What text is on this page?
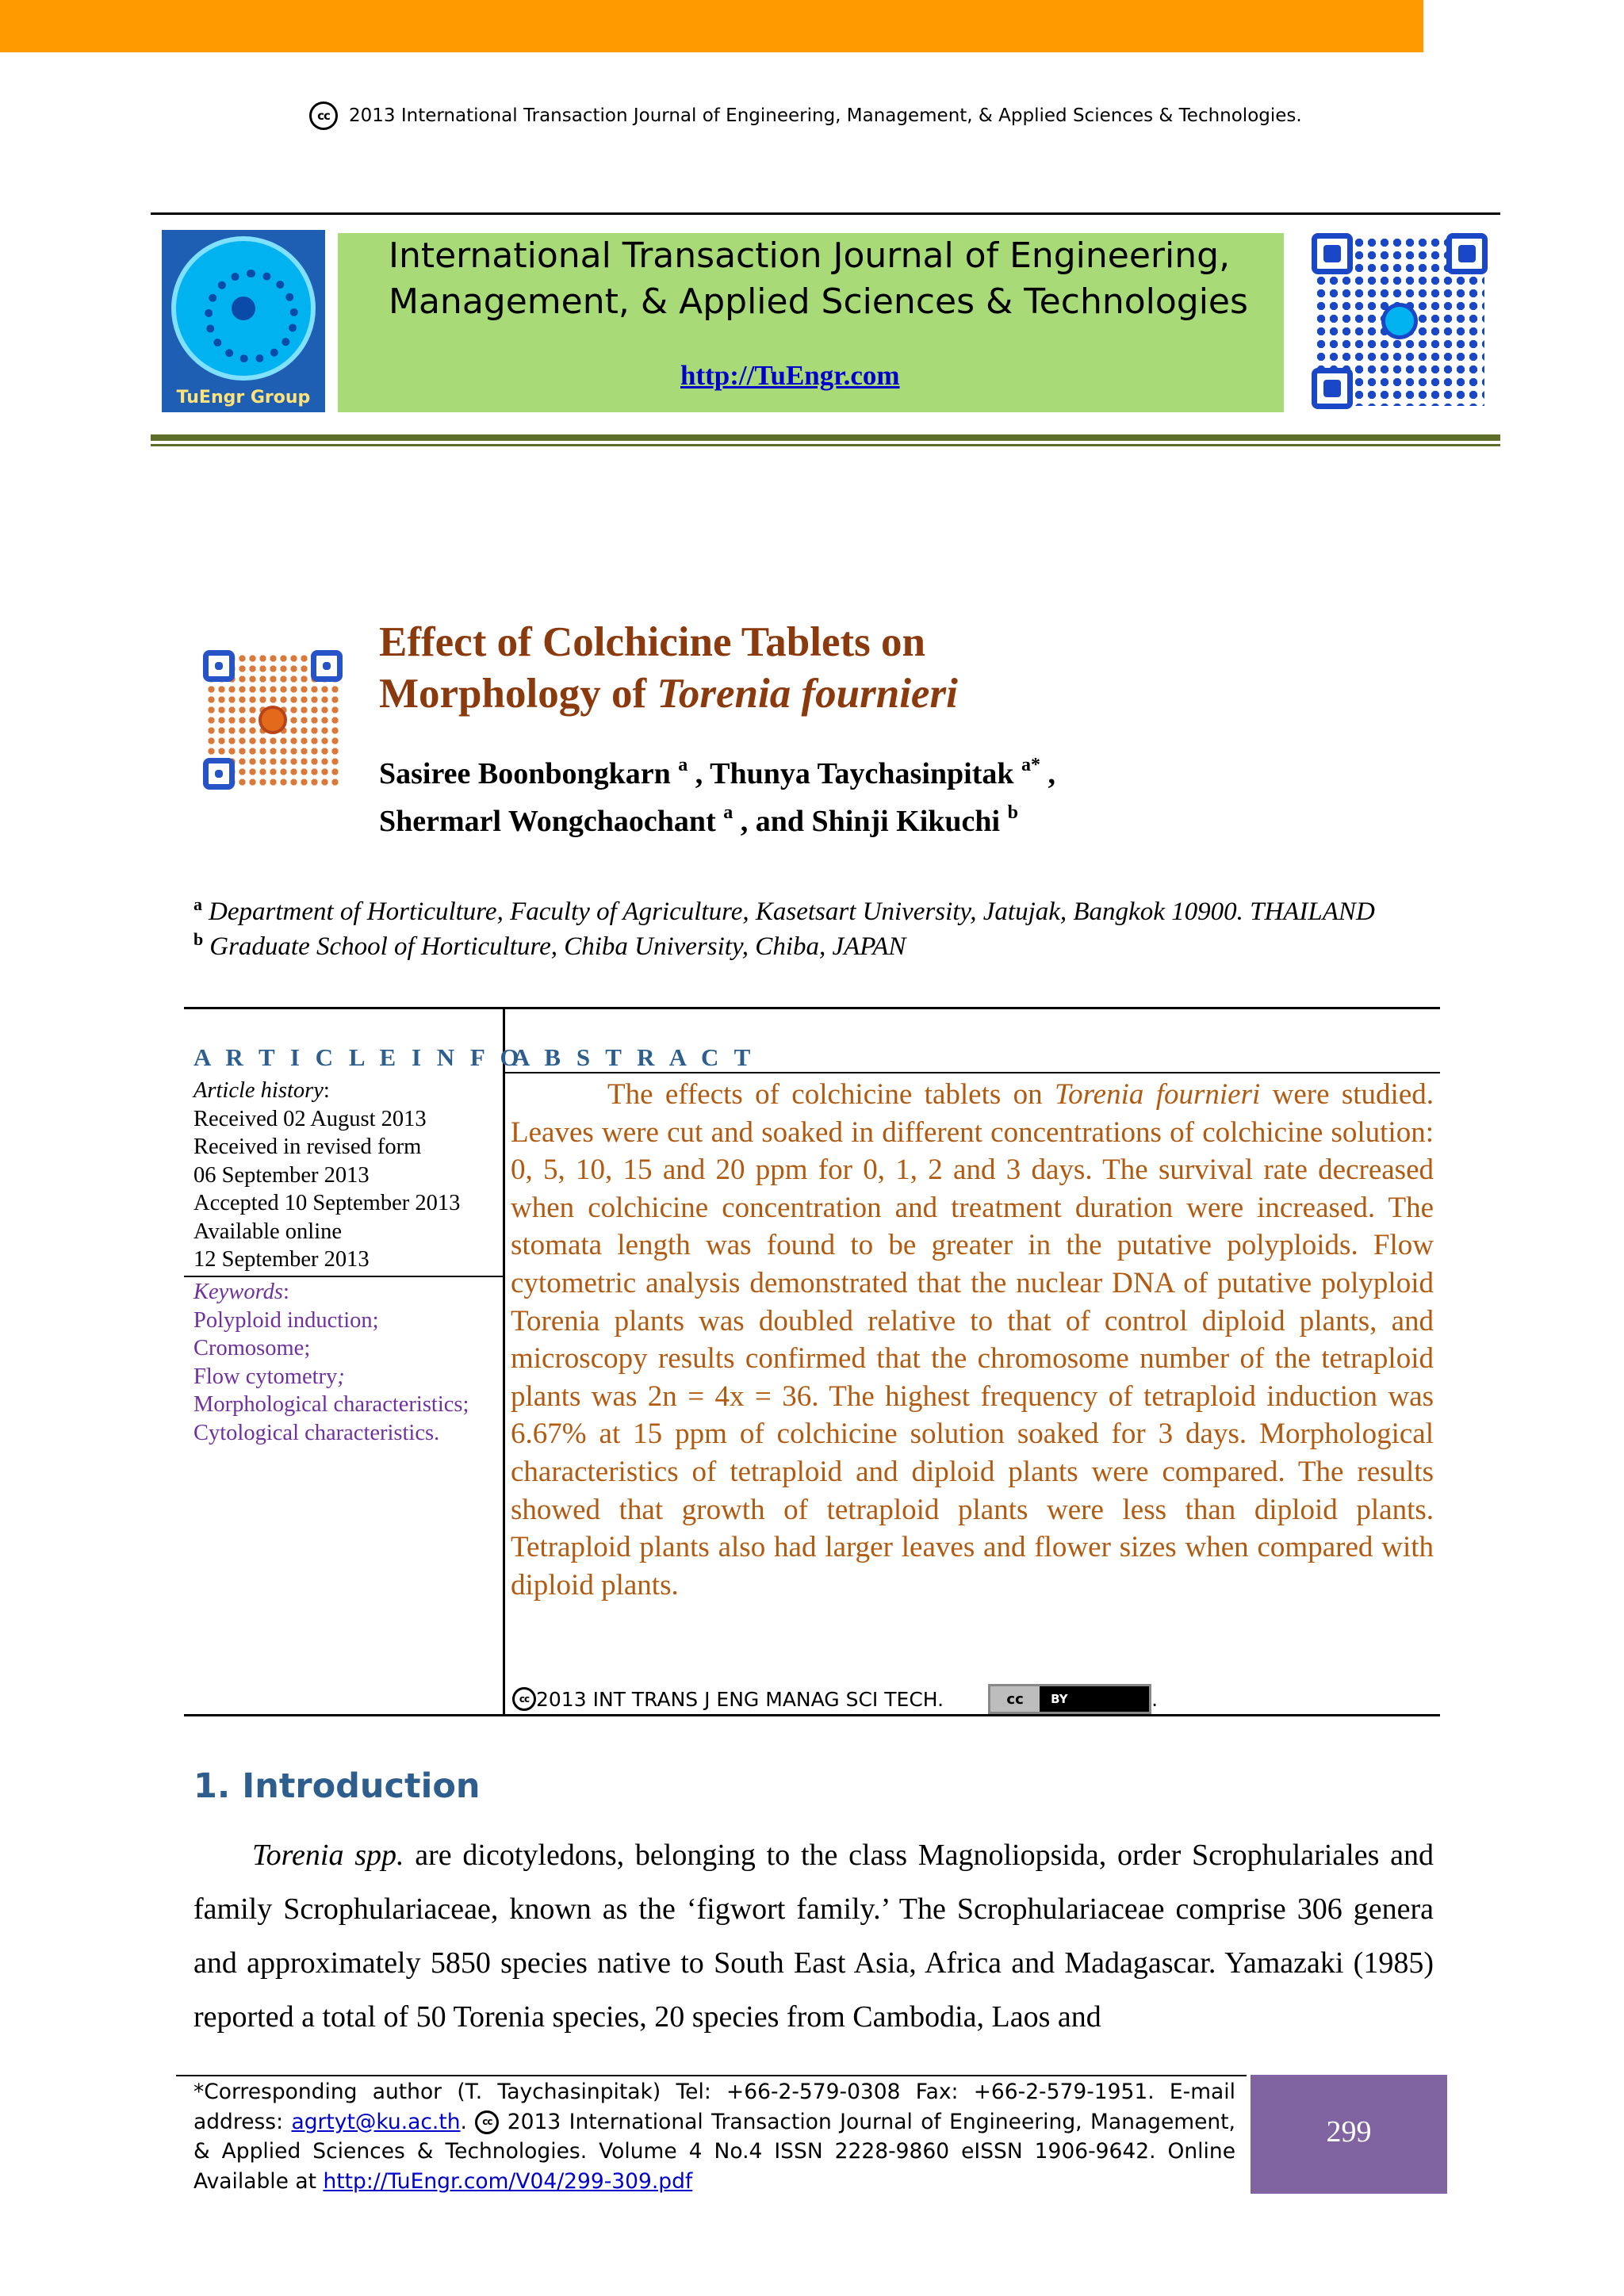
cc	2013 International Transaction Journal of Engineering, Management, & Applied Sciences & Technologies.
TuEngr Group
International Transaction Journal of Engineering,
Management, & Applied Sciences & Technologies
http://TuEngr.com
Effect of Colchicine Tablets on
Morphology of Torenia fournieri
Sasiree Boonbongkarn $^a$ , Thunya Taychasinpitak $^{a*}$ ,
Shermarl Wongchaochant $^a$ , and Shinji Kikuchi $^b$
$^a$ Department of Horticulture, Faculty of Agriculture, Kasetsart University, Jatujak, Bangkok 10900. THAILAND
$^b$ Graduate School of Horticulture, Chiba University, Chiba, JAPAN
A R T I C L E I N F O
A B S T R A C T
Article history:
Received 02 August 2013
Received in revised form
06 September 2013
Accepted 10 September 2013
Available online
12 September 2013
Keywords:
Polyploid induction;
Cromosome;
Flow cytometry;
Morphological characteristics;
Cytological characteristics.
The effects of colchicine tablets on Torenia fournieri were studied. Leaves were cut and soaked in different concentrations of colchicine solution: 0, 5, 10, 15 and 20 ppm for 0, 1, 2 and 3 days. The survival rate decreased when colchicine concentration and treatment duration were increased. The stomata length was found to be greater in the putative polyploids. Flow cytometric analysis demonstrated that the nuclear DNA of putative polyploid Torenia plants was doubled relative to that of control diploid plants, and microscopy results confirmed that the chromosome number of the tetraploid plants was 2n = 4x = 36. The highest frequency of tetraploid induction was 6.67% at 15 ppm of colchicine solution soaked for 3 days. Morphological characteristics of tetraploid and diploid plants were compared. The results showed that growth of tetraploid plants were less than diploid plants. Tetraploid plants also had larger leaves and flower sizes when compared with diploid plants.
cc 2013 INT TRANS J ENG MANAG SCI TECH.	cc	BY	.
1. Introduction
Torenia spp. are dicotyledons, belonging to the class Magnoliopsida, order Scrophulariales and family Scrophulariaceae, known as the ‘figwort family.’ The Scrophulariaceae comprise 306 genera and approximately 5850 species native to South East Asia, Africa and Madagascar. Yamazaki (1985) reported a total of 50 Torenia species, 20 species from Cambodia, Laos and
*Corresponding author (T. Taychasinpitak) Tel: +66-2-579-0308 Fax: +66-2-579-1951. E-mail address: agrtyt@ku.ac.th. cc 2013 International Transaction Journal of Engineering, Management, & Applied Sciences & Technologies. Volume 4 No.4 ISSN 2228-9860 eISSN 1906-9642. Online Available at http://TuEngr.com/V04/299-309.pdf
299
